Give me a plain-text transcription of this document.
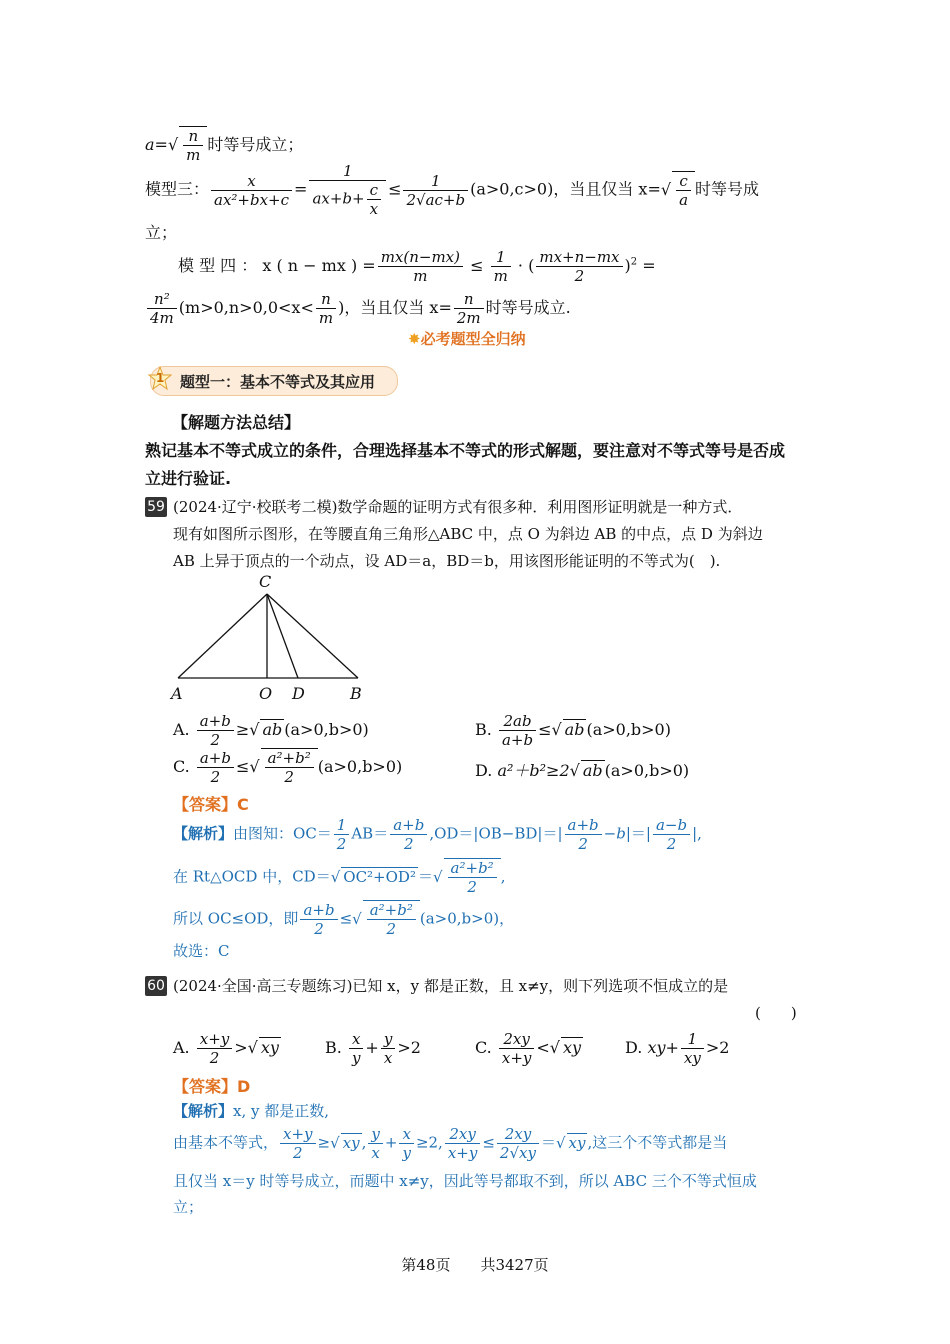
$a=√ \frac{n}{m}$ 时等号成立；
模型三： $\frac{x}{\text{ax²+bx+c}} = \frac{1}{ax+b+ \frac{c}{x}} \le \frac{1}{2√ac+b} (a>0,c>0)$，当且仅当 $x=√ \frac{c}{a}$ 时等号成
立；
模 型 四 ： x ( n − mx ) = $\frac{mx(n-mx)}{m} \le \frac{1}{m}$ · ( $\frac{mx+n-mx}{2} )^2$ =
$\frac{\text{n²}}{4m} (m>0,n>0,0<x< \frac{n}{m}$ )，当且仅当 $x= \frac{n}{2m}$ 时等号成立.
✸必考题型全归纳
1 题型一：基本不等式及其应用
【解题方法总结】
熟记基本不等式成立的条件，合理选择基本不等式的形式解题，要注意对不等式等号是否成
立进行验证.
59 (2024·辽宁·校联考二模)数学命题的证明方式有很多种．利用图形证明就是一种方式．
现有如图所示图形，在等腰直角三角形△ABC 中，点 O 为斜边 AB 的中点，点 D 为斜边
AB 上异于顶点的一个动点，设 AD＝a，BD＝b，用该图形能证明的不等式为(　).
C
A	O D	B
A. $\frac{a+b}{2}$ ≥√ ab (a>0,b>0)	B. $\frac{2ab}{a+b}$ ≤√ ab (a>0,b>0)
C. $\frac{a+b}{2}$ ≤√ $\frac{\text{a²+b²}}{2} (a>0,b>0)$	D. a²＋b²≥2√ ab (a>0,b>0)
【答案】C
【解析】由图知：$OC= \frac{1}{2} AB= \frac{a+b}{2} ,OD=|OB-BD|=| \frac{a+b}{2} -b|=| \frac{a-b}{2}$ |,
在 Rt△OCD 中，CD＝√ OC²+OD² ＝√ $\frac{\text{a²+b²}}{2}$ ,
所以 OC≤OD，即 $\frac{a+b}{2}$ ≤√ $\frac{\text{a²+b²}}{2} (a>0,b>0)$，
故选：C
60 (2024·全国·高三专题练习)已知 x，y 都是正数，且 x≠y，则下列选项不恒成立的是
(　　)
A. $\frac{x+y}{2}$ >√ xy	B. $\frac{x}{y} + \frac{y}{x} >2$	C. $\frac{2xy}{x+y}$ <√ xy	D. $xy+ \frac{1}{xy} >2$
【答案】D
【解析】x, y 都是正数,
由基本不等式， $\frac{x+y}{2}$ ≥√ xy , $\frac{y}{x} + \frac{x}{y} \ge 2$, $\frac{2xy}{x+y} \le \frac{2xy}{2√xy}$ ＝√ xy ,这三个不等式都是当
且仅当 x＝y 时等号成立，而题中 x≠y，因此等号都取不到，所以 ABC 三个不等式恒成
立；
第48页　　共3427页
